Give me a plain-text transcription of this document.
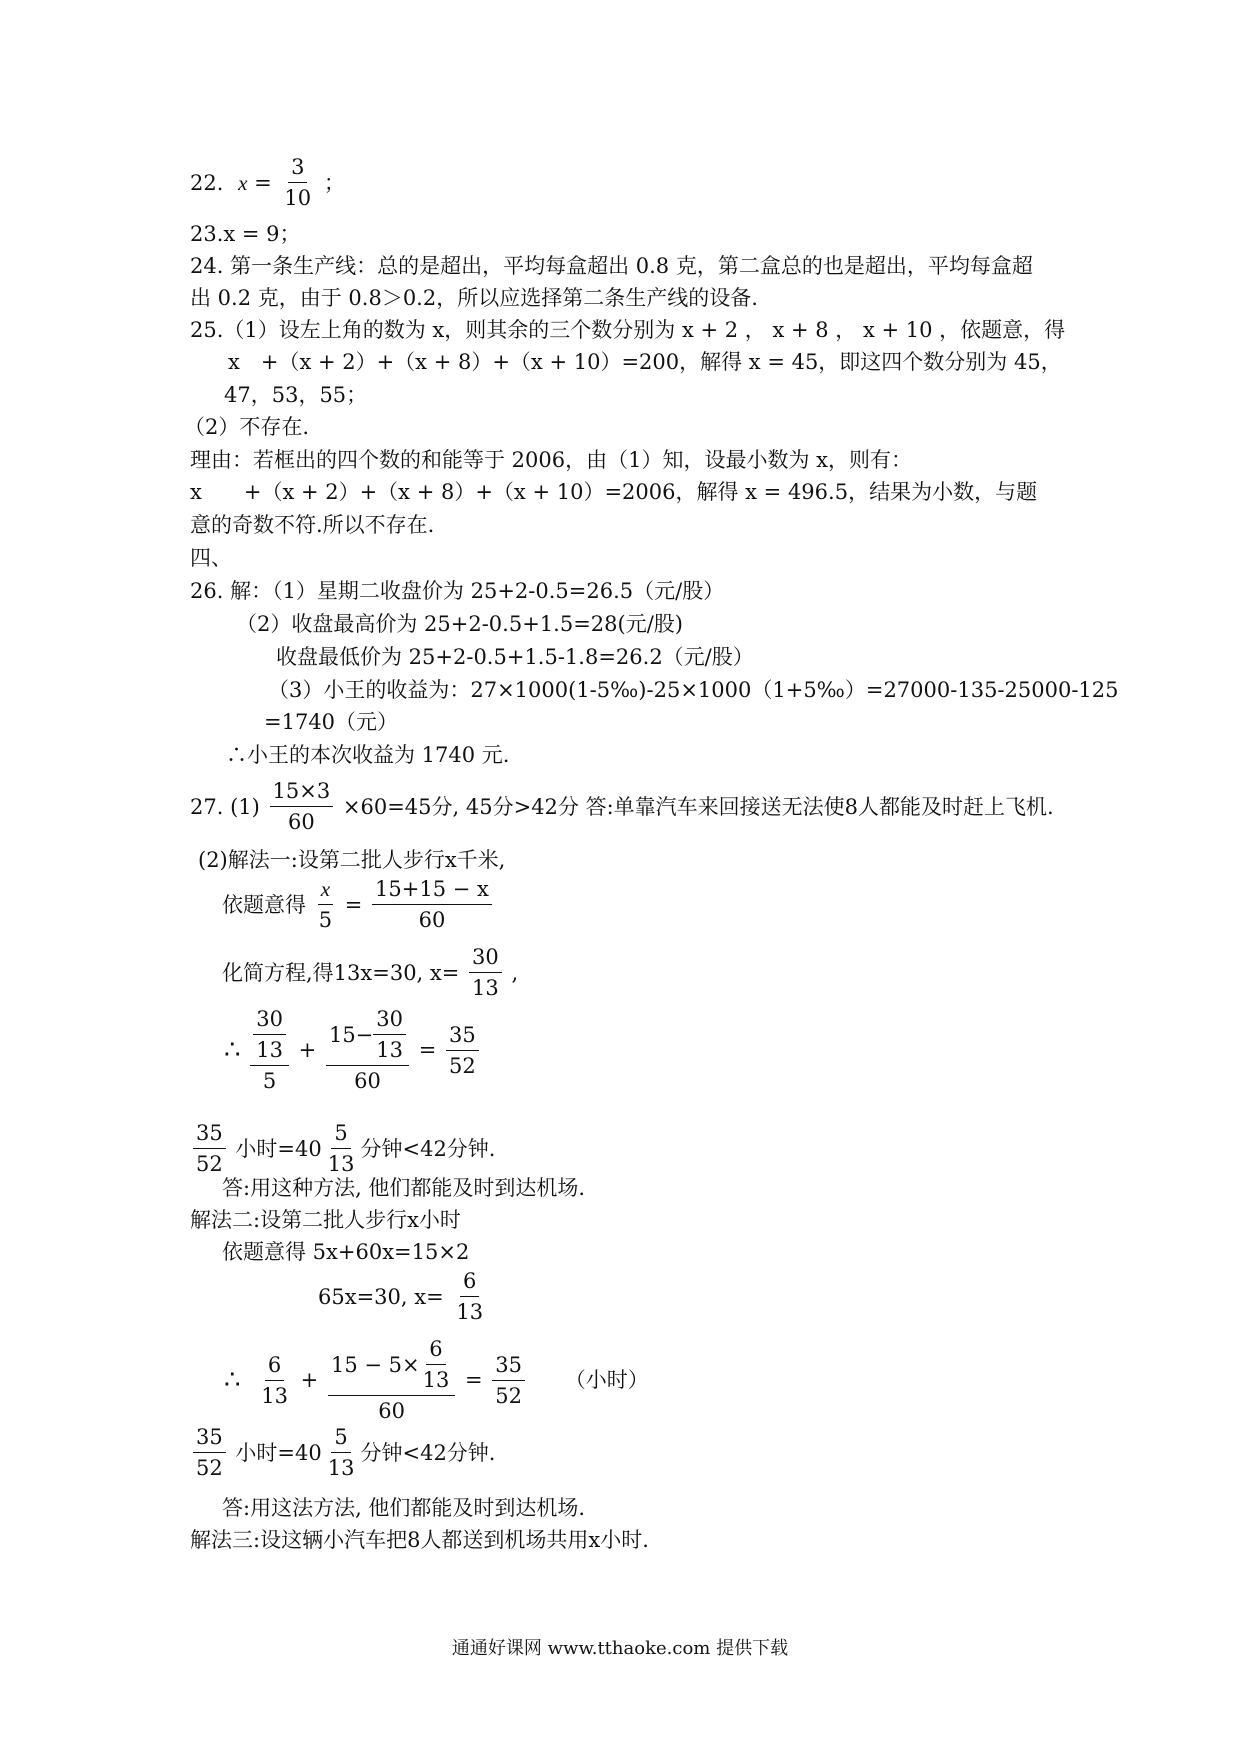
22. $x = \frac{3}{10}$ ；
23.x = 9；
24. 第一条生产线：总的是超出，平均每盒超出 0.8 克，第二盒总的也是超出，平均每盒超
出 0.2 克，由于 0.8＞0.2，所以应选择第二条生产线的设备.
25.（1）设左上角的数为 x，则其余的三个数分别为 x + 2 ， x + 8 ， x + 10 ，依题意，得
x　+（x + 2）+（x + 8）+（x + 10）=200，解得 x = 45，即这四个数分别为 45，
47，53，55；
（2）不存在.
理由：若框出的四个数的和能等于 2006，由（1）知，设最小数为 x，则有：
x　　+（x + 2）+（x + 8）+（x + 10）=2006，解得 x = 496.5，结果为小数，与题
意的奇数不符.所以不存在.
四、
26. 解：（1）星期二收盘价为 25+2-0.5=26.5（元/股）
（2）收盘最高价为 25+2-0.5+1.5=28(元/股)
收盘最低价为 25+2-0.5+1.5-1.8=26.2（元/股）
（3）小王的收益为：27×1000(1-5‰)-25×1000（1+5‰）=27000-135-25000-125
=1740（元）
∴小王的本次收益为 1740 元.
27. $(1) \frac{15\times 3}{60} \times 60=45$分, 45分>42分 答:单靠汽车来回接送无法使8人都能及时赶上飞机.
(2)解法一:设第二批人步行x千米,
依题意得 $\frac{x}{5} = \frac{15+15 - x}{60}$
化简方程,得13x=30, $x= \frac{30}{13}$ ,
∴ $\frac{\frac{30}{13}}{5} + \frac{15- \frac{30}{13}}{60} = \frac{35}{52}$
$\frac{35}{52}$ 小时$=40 \frac{5}{13}$ 分钟<42分钟.
答:用这种方法, 他们都能及时到达机场.
解法二:设第二批人步行x小时
依题意得 5x+60x=15×2
65x=30, $x= \frac{6}{13}$
∴ $\frac{6}{13} + \frac{15 - 5\times \frac{6}{13}}{60} = \frac{35}{52}$ （小时）
$\frac{35}{52}$ 小时$=40 \frac{5}{13}$ 分钟<42分钟.
答:用这法方法, 他们都能及时到达机场.
解法三:设这辆小汽车把8人都送到机场共用x小时.
通通好课网 www.tthaoke.com 提供下载
